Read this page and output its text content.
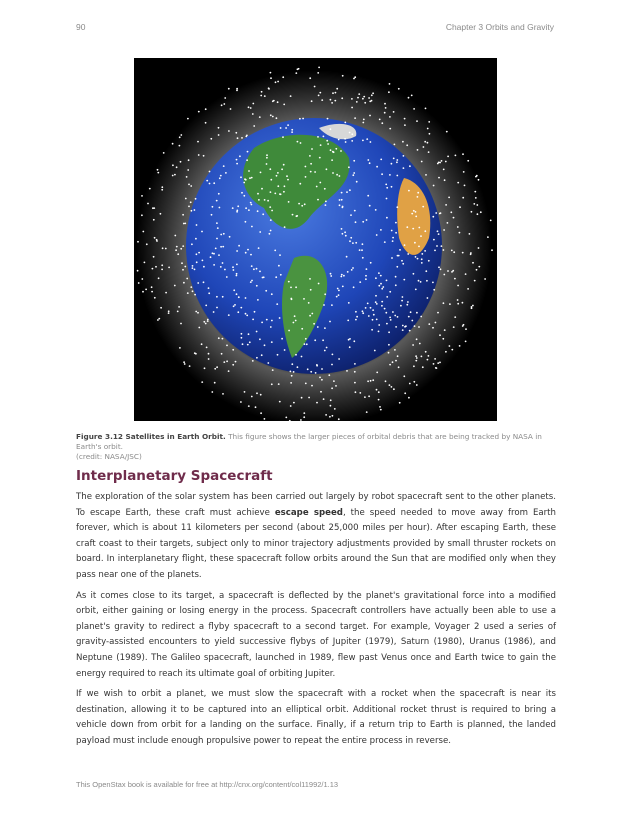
90	Chapter 3 Orbits and Gravity
Figure 3.12 Satellites in Earth Orbit. This figure shows the larger pieces of orbital debris that are being tracked by NASA in Earth's orbit.
(credit: NASA/JSC)
Interplanetary Spacecraft

The exploration of the solar system has been carried out largely by robot spacecraft sent to the other planets. To escape Earth, these craft must achieve escape speed, the speed needed to move away from Earth forever, which is about 11 kilometers per second (about 25,000 miles per hour). After escaping Earth, these craft coast to their targets, subject only to minor trajectory adjustments provided by small thruster rockets on board. In interplanetary flight, these spacecraft follow orbits around the Sun that are modified only when they pass near one of the planets.

As it comes close to its target, a spacecraft is deflected by the planet's gravitational force into a modified orbit, either gaining or losing energy in the process. Spacecraft controllers have actually been able to use a planet's gravity to redirect a flyby spacecraft to a second target. For example, Voyager 2 used a series of gravity-assisted encounters to yield successive flybys of Jupiter (1979), Saturn (1980), Uranus (1986), and Neptune (1989). The Galileo spacecraft, launched in 1989, flew past Venus once and Earth twice to gain the energy required to reach its ultimate goal of orbiting Jupiter.

If we wish to orbit a planet, we must slow the spacecraft with a rocket when the spacecraft is near its destination, allowing it to be captured into an elliptical orbit. Additional rocket thrust is required to bring a vehicle down from orbit for a landing on the surface. Finally, if a return trip to Earth is planned, the landed payload must include enough propulsive power to repeat the entire process in reverse.

This OpenStax book is available for free at http://cnx.org/content/col11992/1.13
